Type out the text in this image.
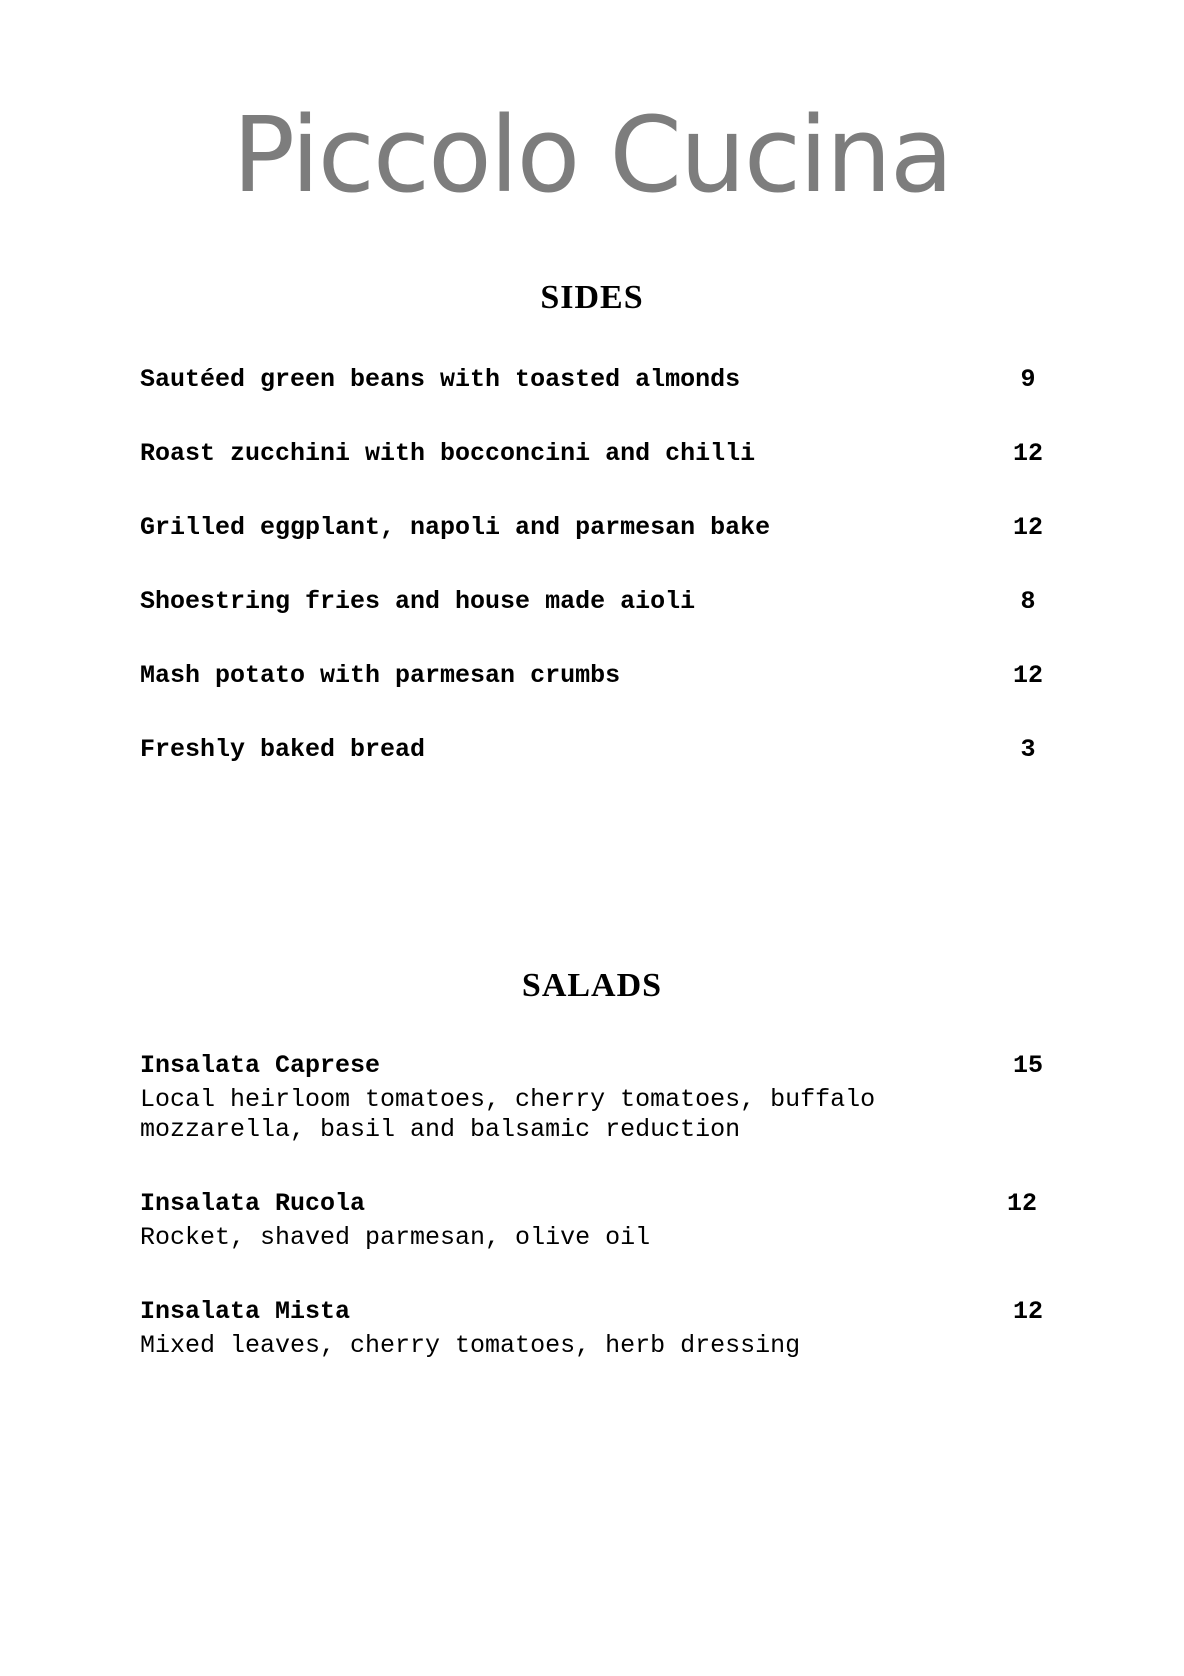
Piccolo Cucina
SIDES
Sautéed green beans with toasted almonds	9
Roast zucchini with bocconcini and chilli	12
Grilled eggplant, napoli and parmesan bake	12
Shoestring fries and house made aioli	8
Mash potato with parmesan crumbs	12
Freshly baked bread	3
SALADS
Insalata Caprese	15
Local heirloom tomatoes, cherry tomatoes, buffalo mozzarella, basil and balsamic reduction
Insalata Rucola	12
Rocket, shaved parmesan, olive oil
Insalata Mista	12
Mixed leaves, cherry tomatoes, herb dressing
